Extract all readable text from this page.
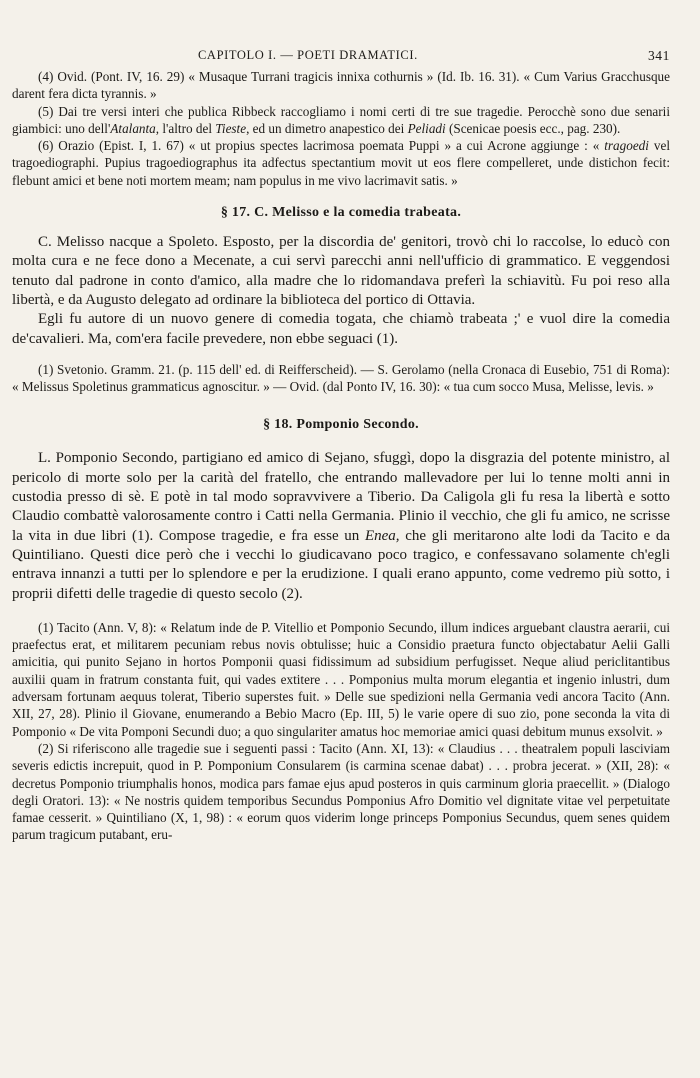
CAPITOLO I. — POETI DRAMATICI.	341

(4) Ovid. (Pont. IV, 16. 29) « Musaque Turrani tragicis innixa cothurnis » (Id. Ib. 16. 31). « Cum Varius Gracchusque darent fera dicta tyrannis. »

(5) Dai tre versi interi che publica Ribbeck raccogliamo i nomi certi di tre sue tragedie. Perocchè sono due senarii giambici: uno dell'Atalanta, l'altro del Tieste, ed un dimetro anapestico dei Peliadi (Scenicae poesis ecc., pag. 230).

(6) Orazio (Epist. I, 1. 67) « ut propius spectes lacrimosa poemata Puppi » a cui Acrone aggiunge : « tragoedi vel tragoediographi. Pupius tragoediographus ita adfectus spectantium movit ut eos flere compelleret, unde distichon fecit: flebunt amici et bene noti mortem meam; nam populus in me vivo lacrimavit satis. »

§ 17. C. Melisso e la comedia trabeata.

C. Melisso nacque a Spoleto. Esposto, per la discordia de' genitori, trovò chi lo raccolse, lo educò con molta cura e ne fece dono a Mecenate, a cui servì parecchi anni nell'ufficio di grammatico. E veggendosi tenuto dal padrone in conto d'amico, alla madre che lo ridomandava preferì la schiavitù. Fu poi reso alla libertà, e da Augusto delegato ad ordinare la biblioteca del portico di Ottavia.

Egli fu autore di un nuovo genere di comedia togata, che chiamò trabeata ;' e vuol dire la comedia de'cavalieri. Ma, com'era facile prevedere, non ebbe seguaci (1).

(1) Svetonio. Gramm. 21. (p. 115 dell' ed. di Reifferscheid). — S. Gerolamo (nella Cronaca di Eusebio, 751 di Roma): « Melissus Spoletinus grammaticus agnoscitur. » — Ovid. (dal Ponto IV, 16. 30): « tua cum socco Musa, Melisse, levis. »

§ 18. Pomponio Secondo.

L. Pomponio Secondo, partigiano ed amico di Sejano, sfuggì, dopo la disgrazia del potente ministro, al pericolo di morte solo per la carità del fratello, che entrando mallevadore per lui lo tenne molti anni in custodia presso di sè. E potè in tal modo sopravvivere a Tiberio. Da Caligola gli fu resa la libertà e sotto Claudio combattè valorosamente contro i Catti nella Germania. Plinio il vecchio, che gli fu amico, ne scrisse la vita in due libri (1). Compose tragedie, e fra esse un Enea, che gli meritarono alte lodi da Tacito e da Quintiliano. Questi dice però che i vecchi lo giudicavano poco tragico, e confessavano solamente ch'egli entrava innanzi a tutti per lo splendore e per la erudizione. I quali erano appunto, come vedremo più sotto, i proprii difetti delle tragedie di questo secolo (2).

(1) Tacito (Ann. V, 8): « Relatum inde de P. Vitellio et Pomponio Secundo, illum indices arguebant claustra aerarii, cui praefectus erat, et militarem pecuniam rebus novis obtulisse; huic a Considio praetura functo objectabatur Aelii Galli amicitia, qui punito Sejano in hortos Pomponii quasi fidissimum ad subsidium perfugisset. Neque aliud periclitantibus auxilii quam in fratrum constanta fuit, qui vades extitere . . . Pomponius multa morum elegantia et ingenio inlustri, dum adversam fortunam aequus tolerat, Tiberio superstes fuit. » Delle sue spedizioni nella Germania vedi ancora Tacito (Ann. XII, 27, 28). Plinio il Giovane, enumerando a Bebio Macro (Ep. III, 5) le varie opere di suo zio, pone seconda la vita di Pomponio « De vita Pomponi Secundi duo; a quo singulariter amatus hoc memoriae amici quasi debitum munus exsolvit. »

(2) Si riferiscono alle tragedie sue i seguenti passi : Tacito (Ann. XI, 13): « Claudius . . . theatralem populi lasciviam severis edictis increpuit, quod in P. Pomponium Consularem (is carmina scenae dabat) . . . probra jecerat. » (XII, 28): « decretus Pomponio triumphalis honos, modica pars famae ejus apud posteros in quis carminum gloria praecellit. » (Dialogo degli Oratori. 13): « Ne nostris quidem temporibus Secundus Pomponius Afro Domitio vel dignitate vitae vel perpetuitate famae cesserit. » Quintiliano (X, 1, 98) : « eorum quos viderim longe princeps Pomponius Secundus, quem senes quidem parum tragicum putabant, eru-
